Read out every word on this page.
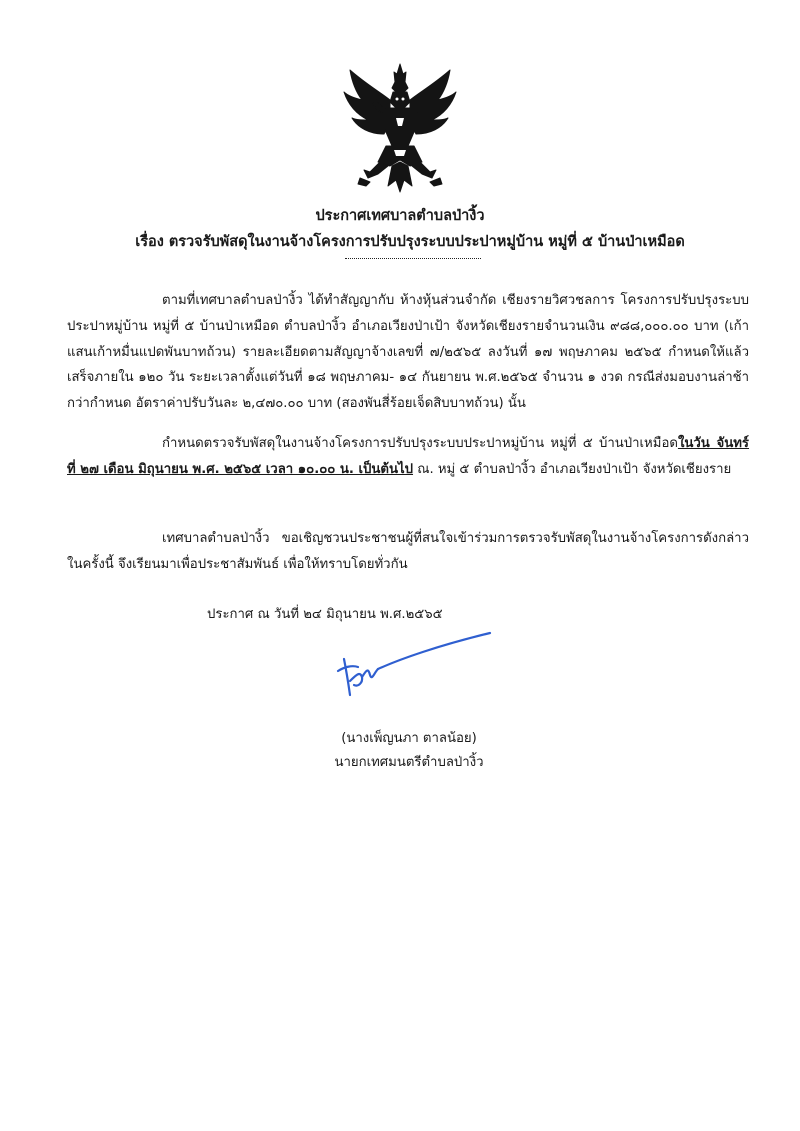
ประกาศเทศบาลตำบลป่างิ้ว
เรื่อง ตรวจรับพัสดุในงานจ้างโครงการปรับปรุงระบบประปาหมู่บ้าน หมู่ที่ ๕ บ้านป่าเหมือด
ตามที่เทศบาลตำบลป่างิ้ว ได้ทำสัญญากับ ห้างหุ้นส่วนจำกัด เชียงรายวิศวชลการ โครงการปรับปรุงระบบประปาหมู่บ้าน หมู่ที่ ๕ บ้านป่าเหมือด ตำบลป่างิ้ว อำเภอเวียงป่าเป้า จังหวัดเชียงรายจำนวนเงิน ๙๘๘,๐๐๐.๐๐ บาท (เก้าแสนเก้าหมื่นแปดพันบาทถ้วน) รายละเอียดตามสัญญาจ้างเลขที่ ๗/๒๕๖๕ ลงวันที่ ๑๗ พฤษภาคม ๒๕๖๕ กำหนดให้แล้วเสร็จภายใน ๑๒๐ วัน ระยะเวลาตั้งแต่วันที่ ๑๘ พฤษภาคม- ๑๔ กันยายน พ.ศ.๒๕๖๕ จำนวน ๑ งวด กรณีส่งมอบงานล่าช้ากว่ากำหนด อัตราค่าปรับวันละ ๒,๔๗๐.๐๐ บาท (สองพันสี่ร้อยเจ็ดสิบบาทถ้วน) นั้น
กำหนดตรวจรับพัสดุในงานจ้างโครงการปรับปรุงระบบประปาหมู่บ้าน หมู่ที่ ๕ บ้านป่าเหมือดในวัน จันทร์ที่ ๒๗ เดือน มิถุนายน พ.ศ. ๒๕๖๕ เวลา ๑๐.๐๐ น. เป็นต้นไป ณ. หมู่ ๕ ตำบลป่างิ้ว อำเภอเวียงป่าเป้า จังหวัดเชียงราย
เทศบาลตำบลป่างิ้ว ขอเชิญชวนประชาชนผู้ที่สนใจเข้าร่วมการตรวจรับพัสดุในงานจ้างโครงการดังกล่าว ในครั้งนี้ จึงเรียนมาเพื่อประชาสัมพันธ์ เพื่อให้ทราบโดยทั่วกัน
ประกาศ ณ วันที่ ๒๔ มิถุนายน พ.ศ.๒๕๖๕
(นางเพ็ญนภา ตาลน้อย)
นายกเทศมนตรีตำบลป่างิ้ว
